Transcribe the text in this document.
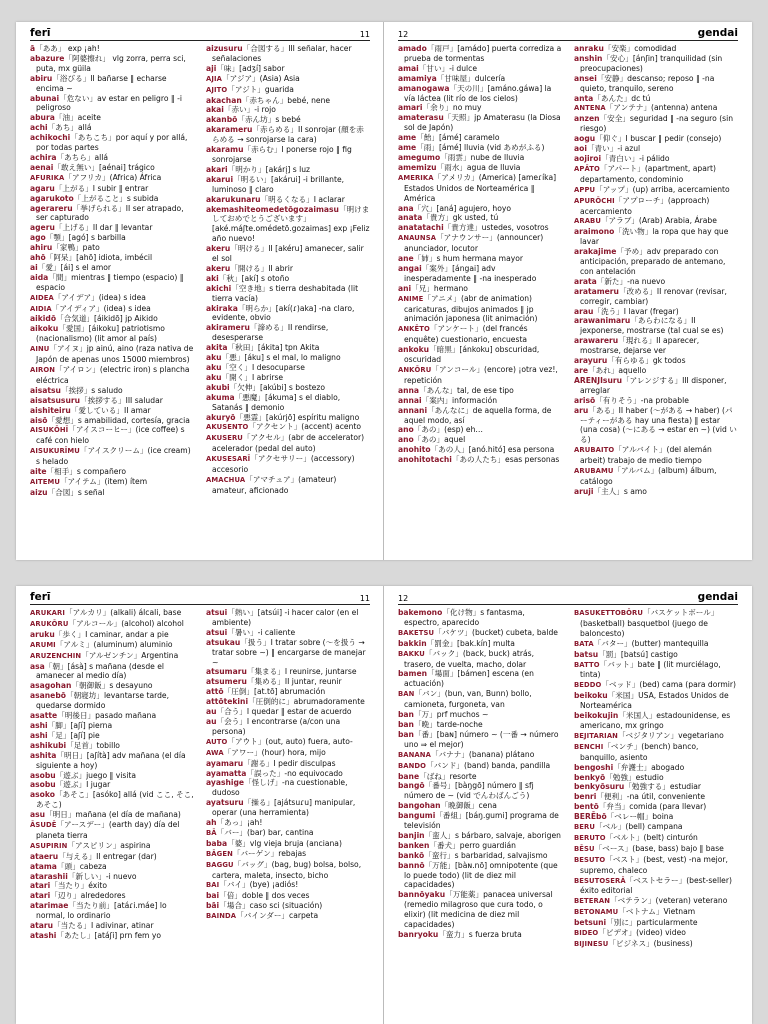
ferī	11

ā「ああ」 exp ¡ah!

abazure「阿婆擦れ」 vlg zorra, perra sci, puta, mx güila

abiru「浴びる」II bañarse ‖ echarse encima ~

abunai「危ない」av estar en peligro ‖ -i peligroso

abura「油」aceite

achi「あち」allá

achikochi「あちこち」por aquí y por allá, por todas partes

achira「あちら」allá

aenai「敢え無い」[aénai] trágico

AFURIKA「アフリカ」(Africa) África

agaru「上がる」I subir ‖ entrar

agarukoto「上がること」s subida

agerareru「挙げられる」II ser atrapado, ser capturado

ageru「上げる」II dar ‖ levantar

ago「顎」[agó] s barbilla

ahiru「家鴨」pato

ahō「阿呆」[ahō] idiota, imbécil

ai「愛」[ái] s el amor

aida「間」mientras ‖ tiempo (espacio) ‖ espacio

AIDEA「アイデア」(idea) s idea

AIDIA「アイディア」(idea) s idea

aikidō「合気道」[áikidō] jp Aikido

aikoku「愛国」[áikoku] patriotismo (nacionalismo) (lit amor al país)

AINU「アイヌ」jp ainú, aino (raza nativa de Japón de apenas unos 15000 miembros)

AIRON「アイロン」(electric iron) s plancha eléctrica

aisatsu「挨拶」s saludo

aisatsusuru「挨拶する」III saludar

aishiteiru「愛している」II amar

aisō「愛想」s amabilidad, cortesía, gracia

AISUKŌHĪ「アイスコーヒー」(ice coffee) s café con hielo

AISUKURĪMU「アイスクリーム」(ice cream) s helado

aite「相手」s compañero

AITEMU「アイテム」(item) ítem

aizu「合図」s señal

aizusuru「合図する」III señalar, hacer señalaciones

aji「味」[adʒí] sabor

AJIA「アジア」(Asia) Asia

AJITO「アジト」guarida

akachan「赤ちゃん」bebé, nene

akai「赤い」-i rojo

akanbō「赤ん坊」s bebé

akarameru「赤らめる」II sonrojar (顔を赤らめる → sonrojarse la cara)

akaramu「赤らむ」I ponerse rojo ‖ fig sonrojarse

akari「明かり」[akárį] s luz

akarui「明るい」[akárui] -i brillante, luminoso ‖ claro

akarukunaru「明るくなる」I aclarar

akemashiteomedetōgozaimasu「明けましておめでとうございます」[aké.máʃte.omédetō.gozaimas] exp ¡Feliz año nuevo!

akeru「明ける」II [akéru] amanecer, salir el sol

akeru「開ける」II abrir

aki「秋」[akí] s otoño

akichi「空き地」s tierra deshabitada (lit tierra vacía)

akiraka「明らか」[akí(ɾ)aka] -na claro, evidente, obvio

akirameru「諦める」II rendirse, desesperarse

akita「秋田」[ákita] tpn Akita

aku「悪」[áku] s el mal, lo maligno

aku「空く」I desocuparse

aku「開く」I abrirse

akubi「欠伸」[akúbi] s bostezo

akuma「悪魔」[ákuma] s el diablo, Satanás ‖ demonio

akuryō「悪霊」[akúrjō] espíritu maligno

AKUSENTO「アクセント」(accent) acento

AKUSERU「アクセル」(abr de accelerator) acelerador (pedal del auto)

AKUSESARĪ「アクセサリー」(accessory) accesorio

AMACHUA「アマチュア」(amateur) amateur, aficionado

12	gendai

amado「雨戸」[amádo] puerta corrediza a prueba de tormentas

amai「甘い」-i dulce

amamiya「甘味屋」dulcería

amanogawa「天の川」[amáno.gáwa] la vía láctea (lit río de los cielos)

amari「余り」no muy

amaterasu「天照」jp Amaterasu (la Diosa sol de Japón)

ame「飴」[ámé] caramelo

ame「雨」[ámé] lluvia (vid あめがふる)

amegumo「雨雲」nube de lluvia

amemizu「雨水」agua de lluvia

AMERIKA「アメリカ」(America) [ameɾíka] Estados Unidos de Norteamérica ‖ América

ana「穴」[aná] agujero, hoyo

anata「貴方」gk usted, tú

anatatachi「貴方達」ustedes, vosotros

ANAUNSA「アナウンサー」(announcer) anunciador, locutor

ane「姉」s hum hermana mayor

angai「案外」[ángai] adv inesperadamente ‖ -na inesperado

ani「兄」hermano

ANIME「アニメ」(abr de animation) caricaturas, dibujos animados ‖ jp animación japonesa (lit animación)

ANKĒTO「アンケート」(del francés enquête) cuestionario, encuesta

ankoku「暗黒」[ánkoku] obscuridad, oscuridad

ANKŌRU「アンコール」(encore) ¡otra vez!, repetición

anna「あんな」tal, de ese tipo

annai「案内」información

annani「あんなに」de aquella forma, de aquel modo, así

ano「あの」(esp) eh…

ano「あの」aquel

anohito「あの人」[anó.hitó] esa persona

anohitotachi「あの人たち」esas personas

anraku「安楽」comodidad

anshin「安心」[ánʃin] tranquilidad (sin preocupaciones)

ansei「安静」descanso; reposo ‖ -na quieto, tranquilo, sereno

anta「あんた」dc tú

ANTENA「アンテナ」(antenna) antena

anzen「安全」seguridad ‖ -na seguro (sin riesgo)

aogu「仰ぐ」I buscar ‖ pedir (consejo)

aoi「青い」-i azul

aojiroi「青白い」-i pálido

APĀTO「アパート」(apartment, apart) departamento, condominio

APPU「アップ」(up) arriba, acercamiento

APURŌCHI「アプローチ」(approach) acercamiento

ARABU「アラブ」(Arab) Arabia, Árabe

araimono「洗い物」la ropa que hay que lavar

arakajime「予め」adv preparado con anticipación, preparado de antemano, con antelación

arata「新た」-na nuevo

aratameru「改める」II renovar (revisar, corregir, cambiar)

arau「洗う」I lavar (fregar)

arawanimaru「あらわになる」II jexponerse, mostrarse (tal cual se es)

arawareru「現れる」II aparecer, mostrarse, dejarse ver

arayuru「有らゆる」gk todos

are「あれ」aquello

ARENJIsuru「アレンジする」III disponer, arreglar

arisō「有りそう」-na probable

aru「ある」II haber (～がある → haber) (パーティーがある hay una fiesta) ‖ estar (una cosa) (～にある → estar en ~) (vid いる)

ARUBAITO「アルバイト」(del alemán arbeit) trabajo de medio tiempo

ARUBAMU「アルバム」(album) álbum, catálogo

aruji「主人」s amo

ferī	11

ARUKARI「アルカリ」(alkali) álcali, base

ARUKŌRU「アルコール」(alcohol) alcohol

aruku「歩く」I caminar, andar a pie

ARUMI「アルミ」(aluminum) aluminio

ARUZENCHIN「アルゼンチン」Argentina

asa「朝」[ásà] s mañana (desde el amanecer al medio día)

asagohan「朝御飯」s desayuno

asanebō「朝寝坊」levantarse tarde, quedarse dormido

asatte「明後日」pasado mañana

ashi「脚」[aʃí] pierna

ashi「足」[aʃí] pie

ashikubi「足首」tobillo

ashita「明日」[aʃítà] adv mañana (el día siguiente a hoy)

asobu「遊ぶ」juego ‖ visita

asobu「遊ぶ」I jugar

asoko「あそこ」[asóko] allá (vid ここ, そこ, あそこ)

asu「明日」mañana (el día de mañana)

ĀSUDĒ「アースデー」(earth day) día del planeta tierra

ASUPIRIN「アスピリン」aspirina

ataeru「与える」II entregar (dar)

atama「頭」cabeza

atarashii「新しい」-i nuevo

atari「当たり」éxito

atari「辺り」alrededores

atarimae「当たり前」[atáɾi.máe] lo normal, lo ordinario

ataru「当たる」I adivinar, atinar

atashi「あたし」[atáʃi] prn fem yo

atsui「熱い」[atsúi] -i hacer calor (en el ambiente)

atsui「暑い」-i caliente

atsukau「扱う」I tratar sobre (～を扱う → tratar sobre ~) ‖ encargarse de manejar ~

atsumaru「集まる」I reunirse, juntarse

atsumeru「集める」II juntar, reunir

attō「圧倒」[at.tō] abrumación

attōtekini「圧倒的に」abrumadoramente

au「合う」I quedar ‖ estar de acuerdo

au「会う」I encontrarse (a/con una persona)

AUTO「アウト」(out, auto) fuera, auto-

AWA「アワー」(hour) hora, mijo

ayamaru「謝る」I pedir disculpas

ayamatta「誤った」-no equivocado

ayashige「怪しげ」-na cuestionable, dudoso

ayatsuru「操る」[ajátsuɾu] manipular, operar (una herramienta)

ah「あっ」¡ah!

BĀ「バー」(bar) bar, cantina

baba「婆」vlg vieja bruja (anciana)

BĀGEN「バーゲン」rebajas

BAGGU「バッグ」(bag, bug) bolsa, bolso, cartera, maleta, insecto, bicho

BAI「バイ」(bye) ¡adiós!

bai「倍」doble ‖ dos veces

bāi「場合」caso sci (situación)

BAINDA「バインダー」carpeta

12	gendai

bakemono「化け物」s fantasma, espectro, aparecido

BAKETSU「バケツ」(bucket) cubeta, balde

bakkin「罰金」[bak.kín] multa

BAKKU「バック」(back, buck) atrás, trasero, de vuelta, macho, dolar

bamen「場面」[bámen] escena (en actuación)

BAN「バン」(bun, van, Bunn) bollo, camioneta, furgoneta, van

ban「万」prf muchos ~

ban「晩」tarde-noche

ban「番」[baɴ] número ~ (一番 → número uno ⇒ el mejor)

BANANA「バナナ」(banana) plátano

BANDO「バンド」(band) banda, pandilla

bane「ばね」resorte

bangō「番号」[bàŋgō] número ‖ sfj número de ~ (vid でんわばんごう)

bangohan「晩御飯」cena

bangumi「番組」[báŋ.gumi] programa de televisión

banjin「蛮人」s bárbaro, salvaje, aborigen

banken「番犬」perro guardián

bankō「蛮行」s barbaridad, salvajismo

bannō「万能」[bàɴ.nō] omnipotente (que lo puede todo) (lit de diez mil capacidades)

bannōyaku「万能薬」panacea universal (remedio milagroso que cura todo, o elixir) (lit medicina de diez mil capacidades)

banryoku「蛮力」s fuerza bruta

BASUKETTOBŌRU「バスケットボール」(basketball) basquetbol (juego de baloncesto)

BATA「バター」(butter) mantequilla

batsu「罰」[batsú] castigo

BATTO「バット」bate ‖ (lit murciélago, tinta)

BEDDO「ベッド」(bed) cama (para dormir)

beikoku「米国」USA, Estados Unidos de Norteamérica

beikokujin「米国人」estadounidense, es americano, mx gringo

BEJITARIAN「ベジタリアン」vegetariano

BENCHI「ベンチ」(bench) banco, banquillo, asiento

bengoshi「弁護士」abogado

benkyō「勉強」estudio

benkyōsuru「勉強する」estudiar

benri「便利」-na útil, conveniente

bentō「弁当」comida (para llevar)

BERĒbō「ベレー帽」boina

BERU「ベル」(bell) campana

BERUTO「ベルト」(belt) cinturón

BĒSU「ベース」(base, bass) bajo ‖ base

BESUTO「ベスト」(best, vest) -na mejor, supremo, chaleco

BESUTOSERĀ「ベストセラー」(best-seller) éxito editorial

BETERAN「ベテラン」(veteran) veterano

BETONAMU「ベトナム」Vietnam

betsuni「別に」particularmente

BIDEO「ビデオ」(video) video

BIJINESU「ビジネス」(business)
